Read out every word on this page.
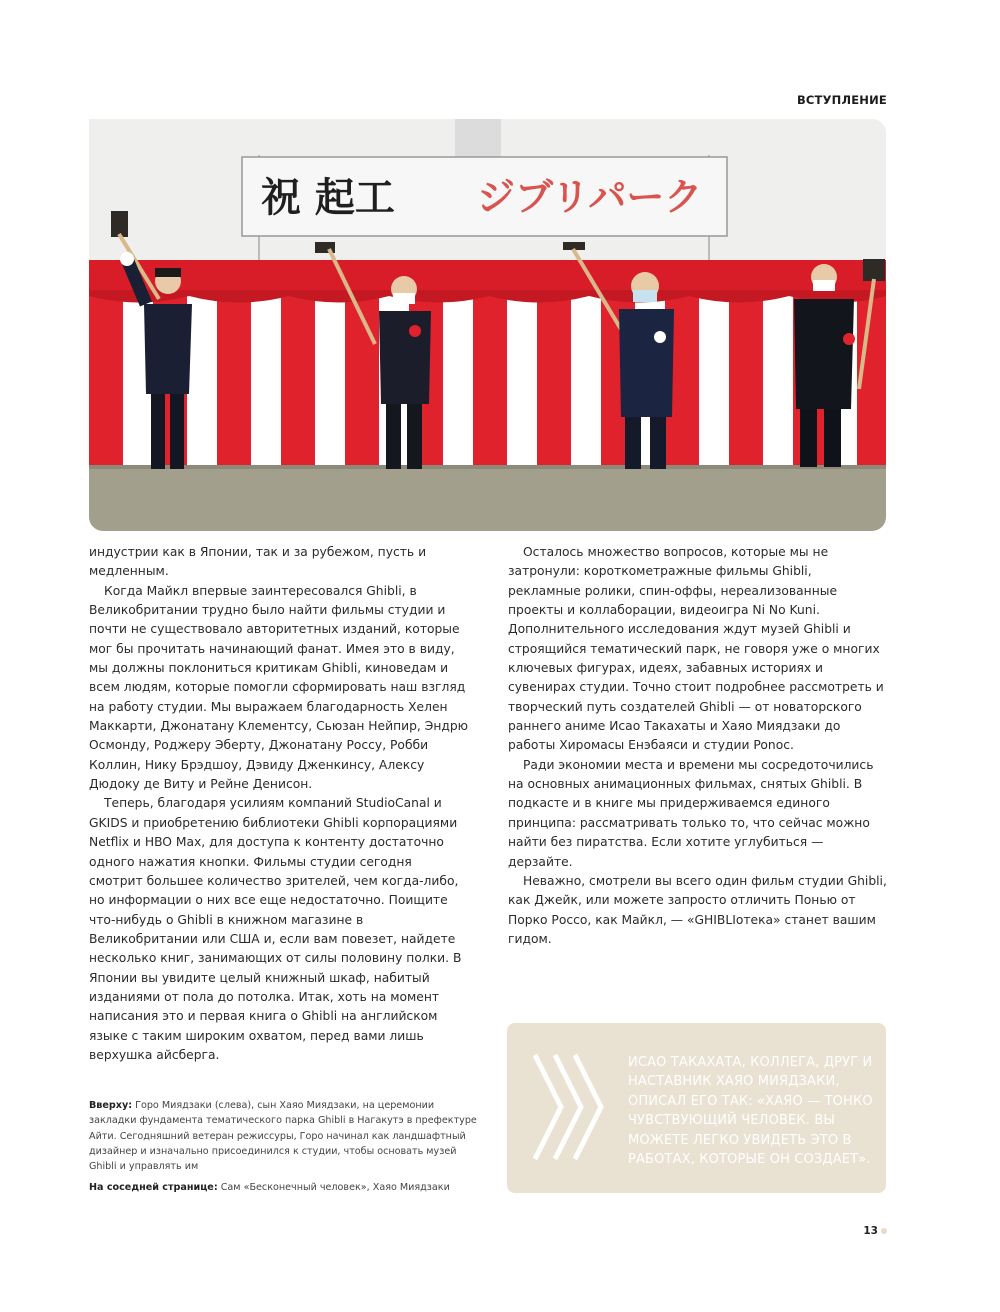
ВСТУПЛЕНИЕ
祝 起工 ジブリパーク

индустрии как в Японии, так и за рубежом, пусть и медленным.

Когда Майкл впервые заинтересовался Ghibli, в Великобритании трудно было найти фильмы студии и почти не существовало авторитетных изданий, которые мог бы прочитать начинающий фанат. Имея это в виду, мы должны поклониться критикам Ghibli, киноведам и всем людям, которые помогли сформировать наш взгляд на работу студии. Мы выражаем благодарность Хелен Маккарти, Джонатану Клементсу, Сьюзан Нейпир, Эндрю Осмонду, Роджеру Эберту, Джонатану Россу, Робби Коллин, Нику Брэдшоу, Дэвиду Дженкинсу, Алексу Дюдоку де Виту и Рейне Денисон.

Теперь, благодаря усилиям компаний StudioCanal и GKIDS и приобретению библиотеки Ghibli корпорациями Netflix и HBO Max, для доступа к контенту достаточно одного нажатия кнопки. Фильмы студии сегодня смотрит большее количество зрителей, чем когда-либо, но информации о них все еще недостаточно. Поищите что-нибудь о Ghibli в книжном магазине в Великобритании или США и, если вам повезет, найдете несколько книг, занимающих от силы половину полки. В Японии вы увидите целый книжный шкаф, набитый изданиями от пола до потолка. Итак, хоть на момент написания это и первая книга о Ghibli на английском языке с таким широким охватом, перед вами лишь верхушка айсберга.

Осталось множество вопросов, которые мы не затронули: короткометражные фильмы Ghibli, рекламные ролики, спин-оффы, нереализованные проекты и коллаборации, видеоигра Ni No Kuni. Дополнительного исследования ждут музей Ghibli и строящийся тематический парк, не говоря уже о многих ключевых фигурах, идеях, забавных историях и сувенирах студии. Точно стоит подробнее рассмотреть и творческий путь создателей Ghibli — от новаторского раннего аниме Исао Такахаты и Хаяо Миядзаки до работы Хиромасы Енэбаяси и студии Ponoc.

Ради экономии места и времени мы сосредоточились на основных анимационных фильмах, снятых Ghibli. В подкасте и в книге мы придерживаемся единого принципа: рассматривать только то, что сейчас можно найти без пиратства. Если хотите углубиться — дерзайте.

Неважно, смотрели вы всего один фильм студии Ghibli, как Джейк, или можете запросто отличить Понью от Порко Россо, как Майкл, — «GHIBLIотека» станет вашим гидом.

Вверху: Горо Миядзаки (слева), сын Хаяо Миядзаки, на церемонии закладки фундамента тематического парка Ghibli в Нагакутэ в префектуре Айти. Сегодняшний ветеран режиссуры, Горо начинал как ландшафтный дизайнер и изначально присоединился к студии, чтобы основать музей Ghibli и управлять им

На соседней странице: Сам «Бесконечный человек», Хаяо Миядзаки

ИСАО ТАКАХАТА, КОЛЛЕГА, ДРУГ И НАСТАВНИК ХАЯО МИЯДЗАКИ, ОПИСАЛ ЕГО ТАК: «ХАЯО — ТОНКО ЧУВСТВУЮЩИЙ ЧЕЛОВЕК. ВЫ МОЖЕТЕ ЛЕГКО УВИДЕТЬ ЭТО В РАБОТАХ, КОТОРЫЕ ОН СОЗДАЕТ».
13
